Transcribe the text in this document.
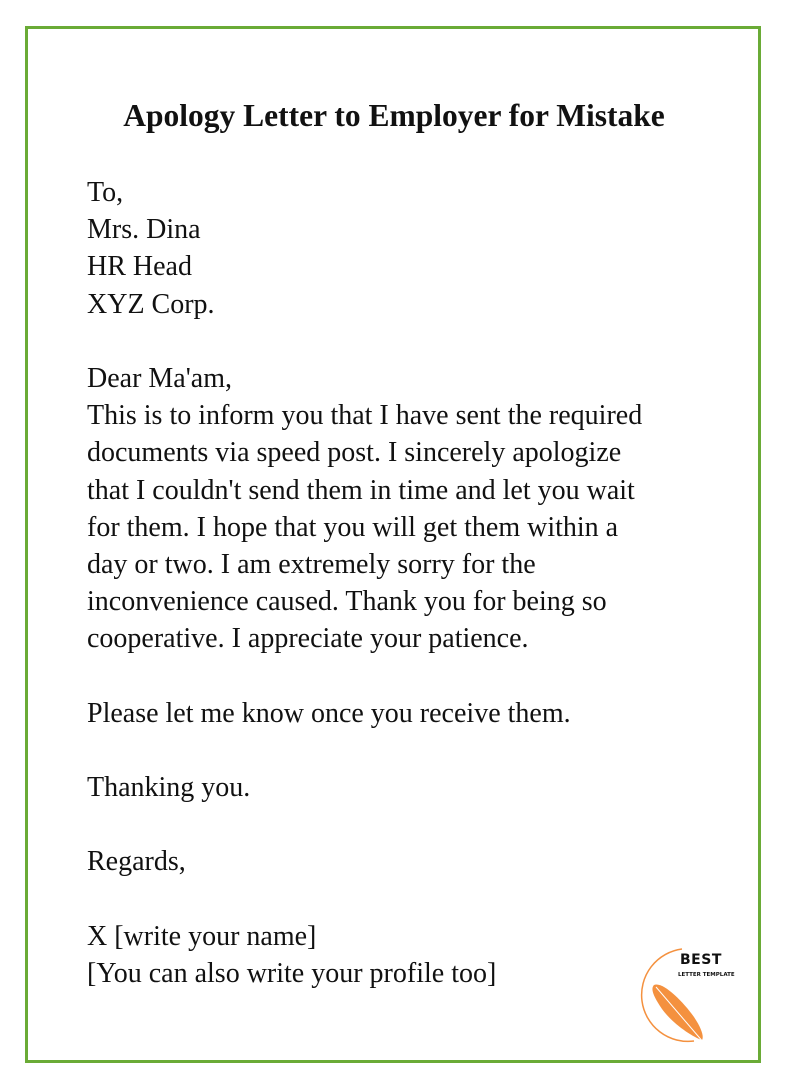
Apology Letter to Employer for Mistake
To,
Mrs. Dina
HR Head
XYZ Corp.
Dear Ma'am,
This is to inform you that I have sent the required
documents via speed post. I sincerely apologize
that I couldn't send them in time and let you wait
for them. I hope that you will get them within a
day or two. I am extremely sorry for the
inconvenience caused. Thank you for being so
cooperative. I appreciate your patience.
Please let me know once you receive them.
Thanking you.
Regards,
X [write your name]
[You can also write your profile too]	BEST
LETTER TEMPLATE
